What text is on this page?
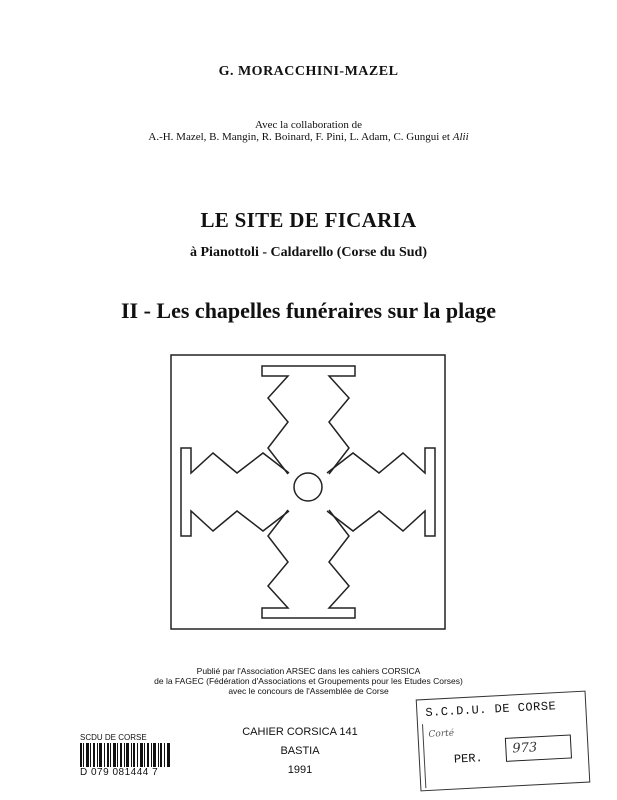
G. MORACCHINI-MAZEL
Avec la collaboration de
A.-H. Mazel, B. Mangin, R. Boinard, F. Pini, L. Adam, C. Gungui et Alii
LE SITE DE FICARIA
à Pianottoli - Caldarello (Corse du Sud)
II - Les chapelles funéraires sur la plage
Publié par l'Association ARSEC dans les cahiers CORSICA
de la FAGEC (Fédération d'Associations et Groupements pour les Etudes Corses)
avec le concours de l'Assemblée de Corse
CAHIER CORSICA 141
BASTIA
1991
SCDU DE CORSE
D 079 081444 7
S.C.D.U. DE CORSE
Corté
PER.
973
